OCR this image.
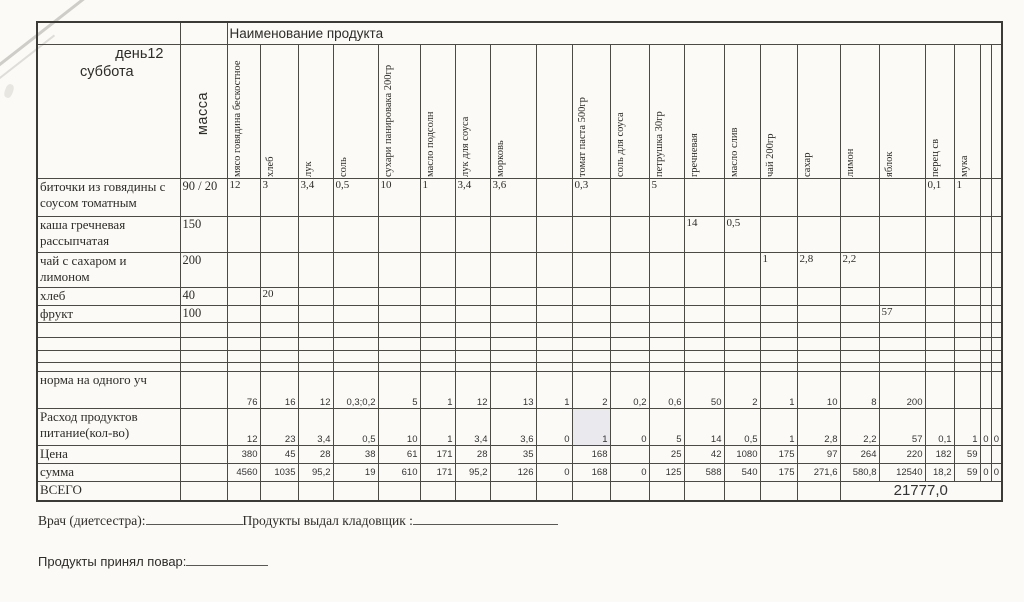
		Наименование продукта																					

день12
суббота	масса	мясо говядина бескостное	хлеб	лук	соль	сухари панировака 200гр	масло подсолн	лук для соуса	морковь		томат паста 500гр	соль для соуса	петрушка 30гр	гречневая	масло слив	чай 200гр	сахар	лимон	яблок	перец св	мука		

биточки из говядины с соусом томатным	90 / 20	12	3	3,4	0,5	10	1	3,4	3,6		0,3		5							0,1	1		
каша гречневая рассыпчатая	150													14	0,5								
чай с сахаром и лимоном	200															1	2,8	2,2					
хлеб	40		20																				
фрукт	100																		57				

норма на одного уч		76	16	12	0,3;0,2	5	1	12	13	1	2	0,2	0,6	50	2	1	10	8	200				
Расход продуктов питание(кол-во)		12	23	3,4	0,5	10	1	3,4	3,6	0	1	0	5	14	0,5	1	2,8	2,2	57	0,1	1	0	0
Цена		380	45	28	38	61	171	28	35		168		25	42	1080	175	97	264	220	182	59		
сумма		4560	1035	95,2	19	610	171	95,2	126	0	168	0	125	588	540	175	271,6	580,8	12540	18,2	59	0	0
ВСЕГО																		21777,0					
Врач (диетсестра):	Продукты выдал кладовщик :
Продукты принял повар:
